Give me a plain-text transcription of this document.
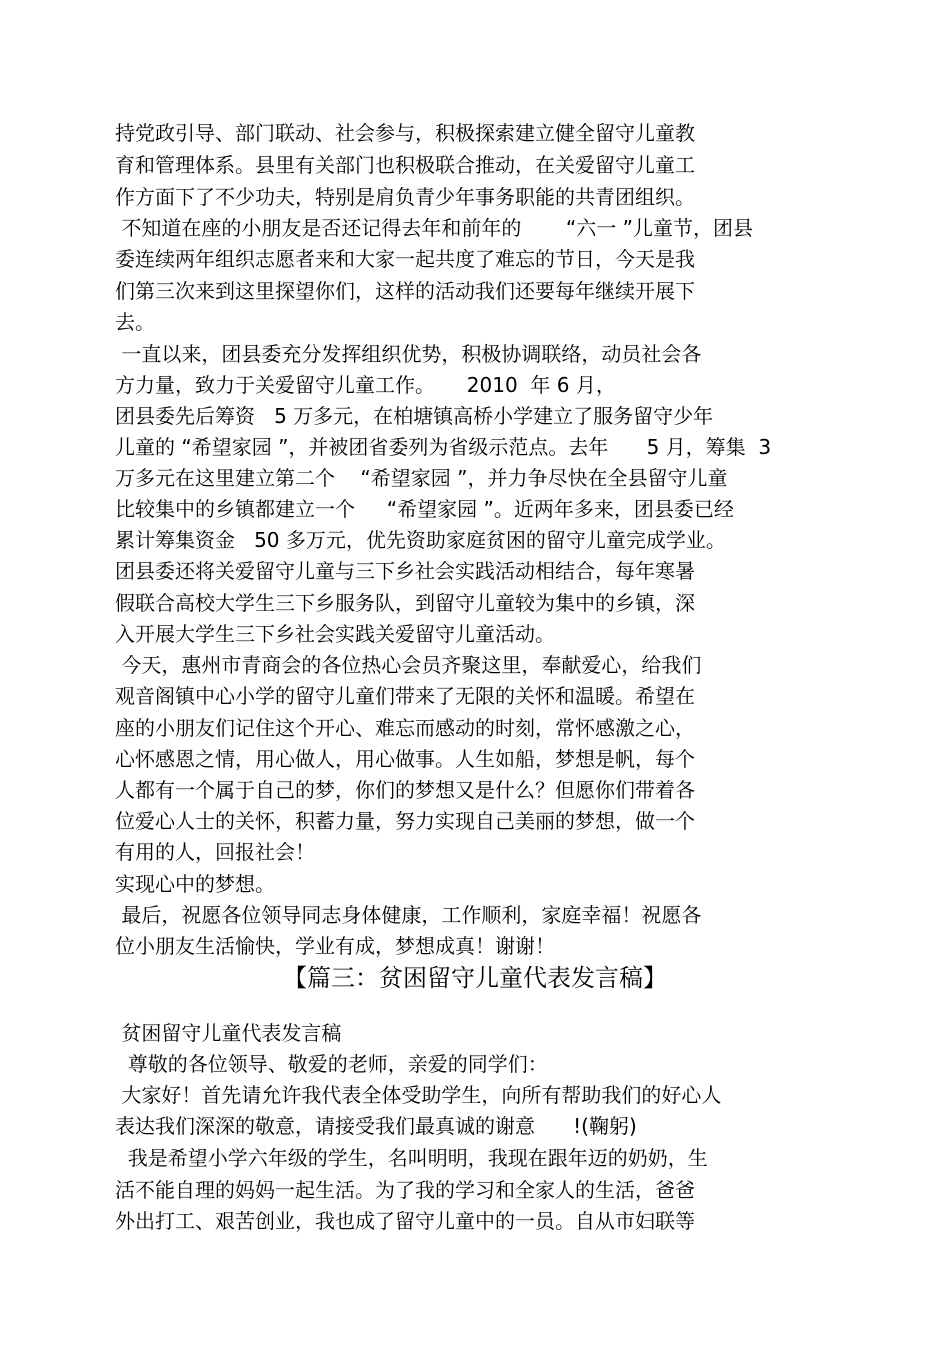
持党政引导、部门联动、社会参与，积极探索建立健全留守儿童教
育和管理体系。县里有关部门也积极联合推动，在关爱留守儿童工
作方面下了不少功夫，特别是肩负青少年事务职能的共青团组织。
不知道在座的小朋友是否还记得去年和前年的       “六一 ”儿童节，团县
委连续两年组织志愿者来和大家一起共度了难忘的节日，今天是我
们第三次来到这里探望你们，这样的活动我们还要每年继续开展下
去。
一直以来，团县委充分发挥组织优势，积极协调联络，动员社会各
方力量，致力于关爱留守儿童工作。     2010  年 6 月，
团县委先后筹资   5 万多元，在柏塘镇高桥小学建立了服务留守少年
儿童的 “希望家园 ”，并被团省委列为省级示范点。去年      5 月，筹集  3
万多元在这里建立第二个    “希望家园 ”，并力争尽快在全县留守儿童
比较集中的乡镇都建立一个     “希望家园 ”。近两年多来，团县委已经
累计筹集资金   50 多万元，优先资助家庭贫困的留守儿童完成学业。
团县委还将关爱留守儿童与三下乡社会实践活动相结合，每年寒暑
假联合高校大学生三下乡服务队，到留守儿童较为集中的乡镇，深
入开展大学生三下乡社会实践关爱留守儿童活动。
今天，惠州市青商会的各位热心会员齐聚这里，奉献爱心，给我们
观音阁镇中心小学的留守儿童们带来了无限的关怀和温暖。希望在
座的小朋友们记住这个开心、难忘而感动的时刻，常怀感激之心，
心怀感恩之情，用心做人，用心做事。人生如船，梦想是帆，每个
人都有一个属于自己的梦，你们的梦想又是什么？但愿你们带着各
位爱心人士的关怀，积蓄力量，努力实现自己美丽的梦想，做一个
有用的人，回报社会！
实现心中的梦想。
最后，祝愿各位领导同志身体健康，工作顺利，家庭幸福！祝愿各
位小朋友生活愉快，学业有成，梦想成真！谢谢！
【篇三：贫困留守儿童代表发言稿】
贫困留守儿童代表发言稿
尊敬的各位领导、敬爱的老师，亲爱的同学们：
大家好！首先请允许我代表全体受助学生，向所有帮助我们的好心人
表达我们深深的敬意，请接受我们最真诚的谢意      !(鞠躬)
我是希望小学六年级的学生，名叫明明，我现在跟年迈的奶奶，生
活不能自理的妈妈一起生活。为了我的学习和全家人的生活，爸爸
外出打工、艰苦创业，我也成了留守儿童中的一员。自从市妇联等
